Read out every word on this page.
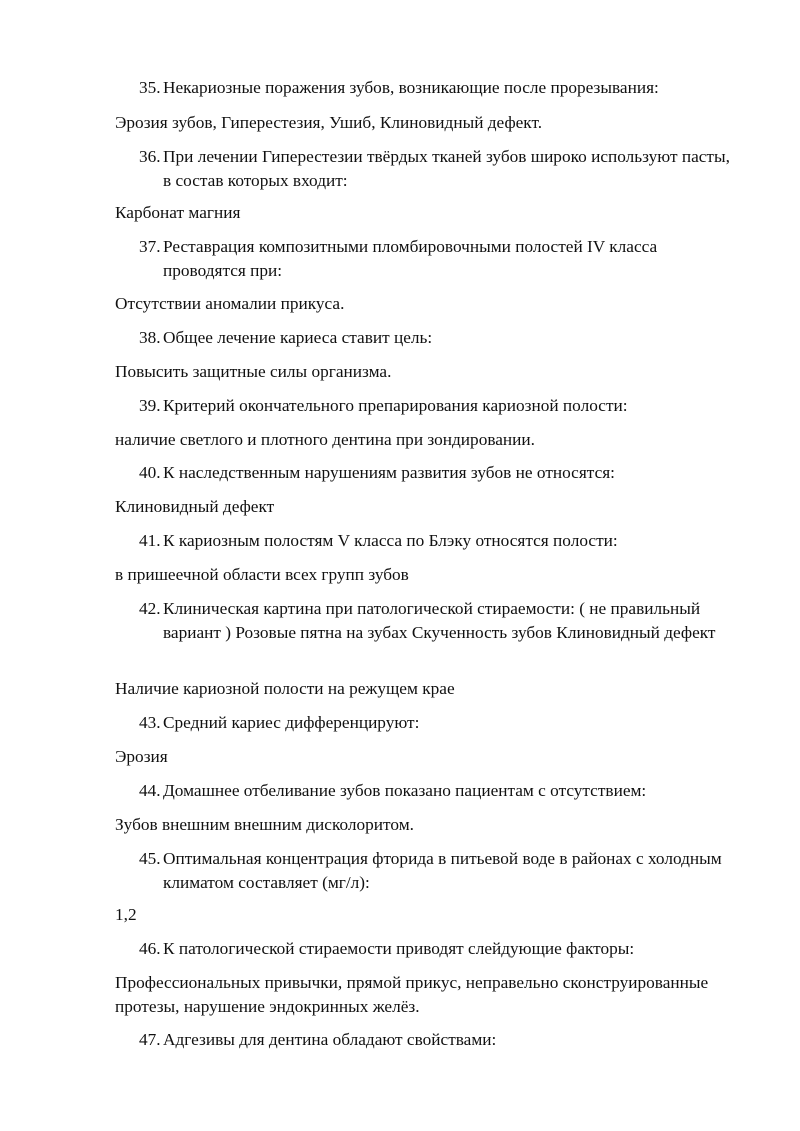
35. Некариозные поражения зубов, возникающие после прорезывания:
Эрозия зубов, Гиперестезия, Ушиб, Клиновидный дефект.
36. При лечении Гиперестезии твёрдых тканей зубов широко используют пасты, в состав которых входит:
Карбонат магния
37. Реставрация композитными пломбировочными полостей IV класса проводятся при:
Отсутствии аномалии прикуса.
38. Общее лечение кариеса ставит цель:
Повысить защитные силы организма.
39. Критерий окончательного препарирования кариозной полости:
наличие светлого и плотного дентина при зондировании.
40. К наследственным нарушениям развития зубов не относятся:
Клиновидный дефект
41. К кариозным полостям V класса по Блэку относятся полости:
в пришеечной области всех групп зубов
42. Клиническая картина при патологической стираемости: ( не правильный вариант ) Розовые пятна на зубах Скученность зубов Клиновидный дефект
Наличие кариозной полости на режущем крае
43. Средний кариес дифференцируют:
Эрозия
44. Домашнее отбеливание зубов показано пациентам с отсутствием:
Зубов внешним внешним дисколоритом.
45. Оптимальная концентрация фторида в питьевой воде в районах с холодным климатом составляет (мг/л):
1,2
46. К патологической стираемости приводят слейдующие факторы:
Профессиональных привычки, прямой прикус, неправельно сконструированные протезы, нарушение эндокринных желёз.
47. Адгезивы для дентина обладают свойствами:
